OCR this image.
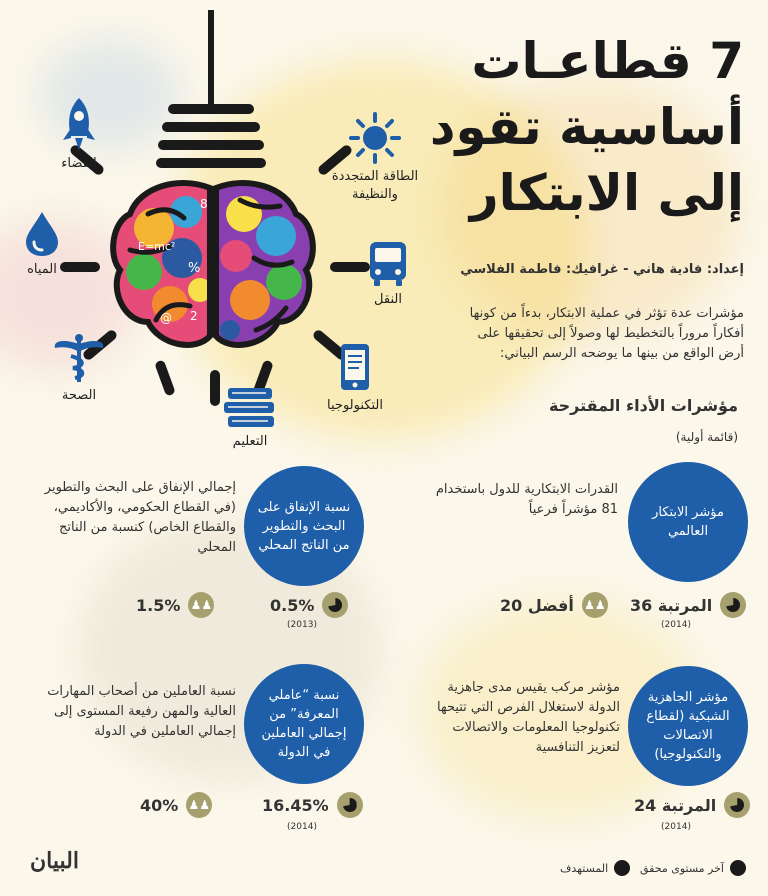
7 قطاعـات
أساسية تقود
إلى الابتكار
إعداد: فادية هاني - غرافيك: فاطمة الفلاسي
مؤشرات عدة تؤثر في عملية الابتكار، بدءاً من كونها أفكاراً مروراً بالتخطيط لها وصولاً إلى تحقيقها على أرض الواقع من بينها ما يوضحه الرسم البياني:
E=mc²
8
%
@ 2
الفضاء
الطاقة المتجددة والنظيفة
المياه
النقل
الصحة
التكنولوجيا
التعليم
مؤشرات الأداء المقترحة
(قائمة أولية)
مؤشر الابتكار العالمي
القدرات الابتكارية للدول باستخدام 81 مؤشراً فرعياً
المرتبة 36
(2014)
♟♟
أفضل 20
نسبة الإنفاق على البحث والتطوير من الناتج المحلي
إجمالي الإنفاق على البحث والتطوير (في القطاع الحكومي، والأكاديمي، والقطاع الخاص) كنسبة من الناتج المحلي
0.5%
(2013)
♟♟
1.5%
مؤشر الجاهزية الشبكية (لقطاع الاتصالات والتكنولوجيا)
مؤشر مركب يقيس مدى جاهزية الدولة لاستغلال الفرص التي تتيحها تكنولوجيا المعلومات والاتصالات لتعزيز التنافسية
المرتبة 24
(2014)
نسبة “عاملي المعرفة” من إجمالي العاملين في الدولة
نسبة العاملين من أصحاب المهارات العالية والمهن رفيعة المستوى إلى إجمالي العاملين في الدولة
16.45%
(2014)
♟♟
40%
آخر مستوى محقق
المستهدف
البيان
